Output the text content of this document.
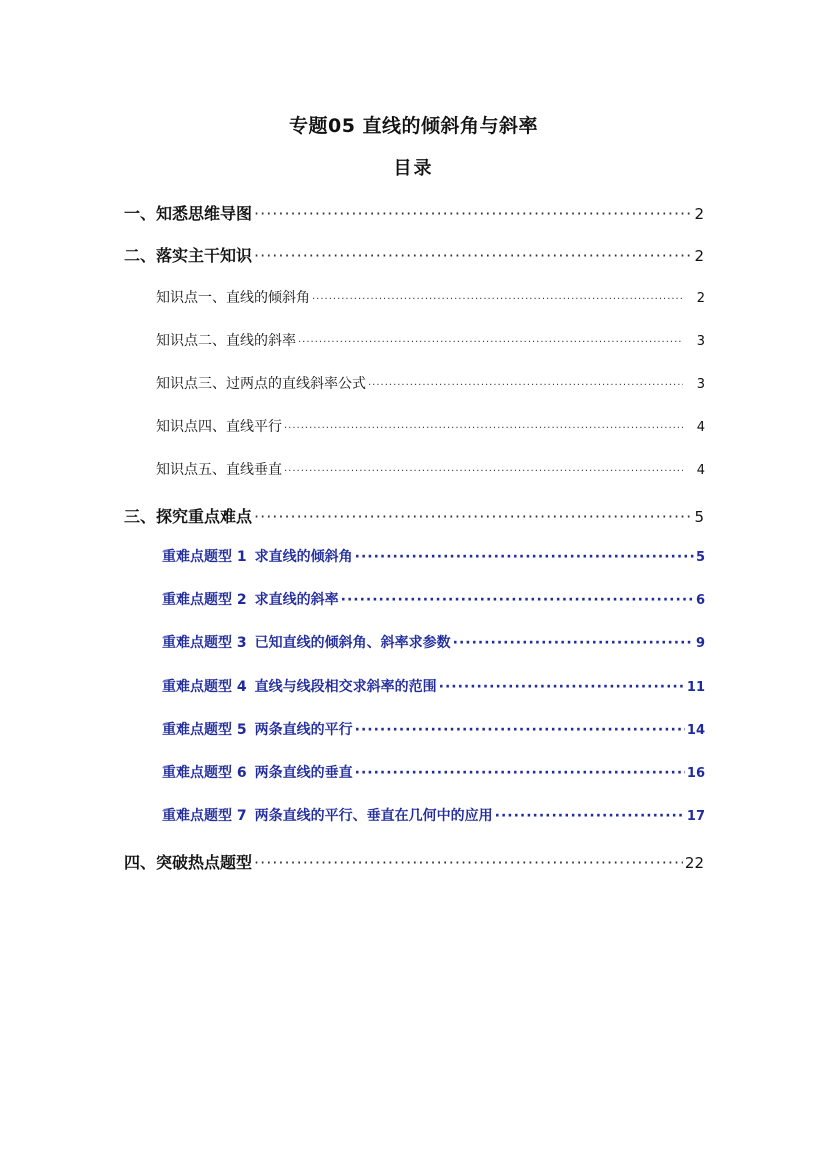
专题05 直线的倾斜角与斜率
目录
一、知悉思维导图 ·····	2
二、落实主干知识 ·····	2
知识点一、直线的倾斜角 ·····	2
知识点二、直线的斜率 ·····	3
知识点三、过两点的直线斜率公式 ·····	3
知识点四、直线平行 ·····	4
知识点五、直线垂直 ·····	4
三、探究重点难点 ·····	5
重难点题型 1 求直线的倾斜角 ·····	5
重难点题型 2 求直线的斜率 ·····	6
重难点题型 3 已知直线的倾斜角、斜率求参数 ·····	9
重难点题型 4 直线与线段相交求斜率的范围 ·····	11
重难点题型 5 两条直线的平行 ·····	14
重难点题型 6 两条直线的垂直 ·····	16
重难点题型 7 两条直线的平行、垂直在几何中的应用 ·····	17
四、突破热点题型 ·····	22
